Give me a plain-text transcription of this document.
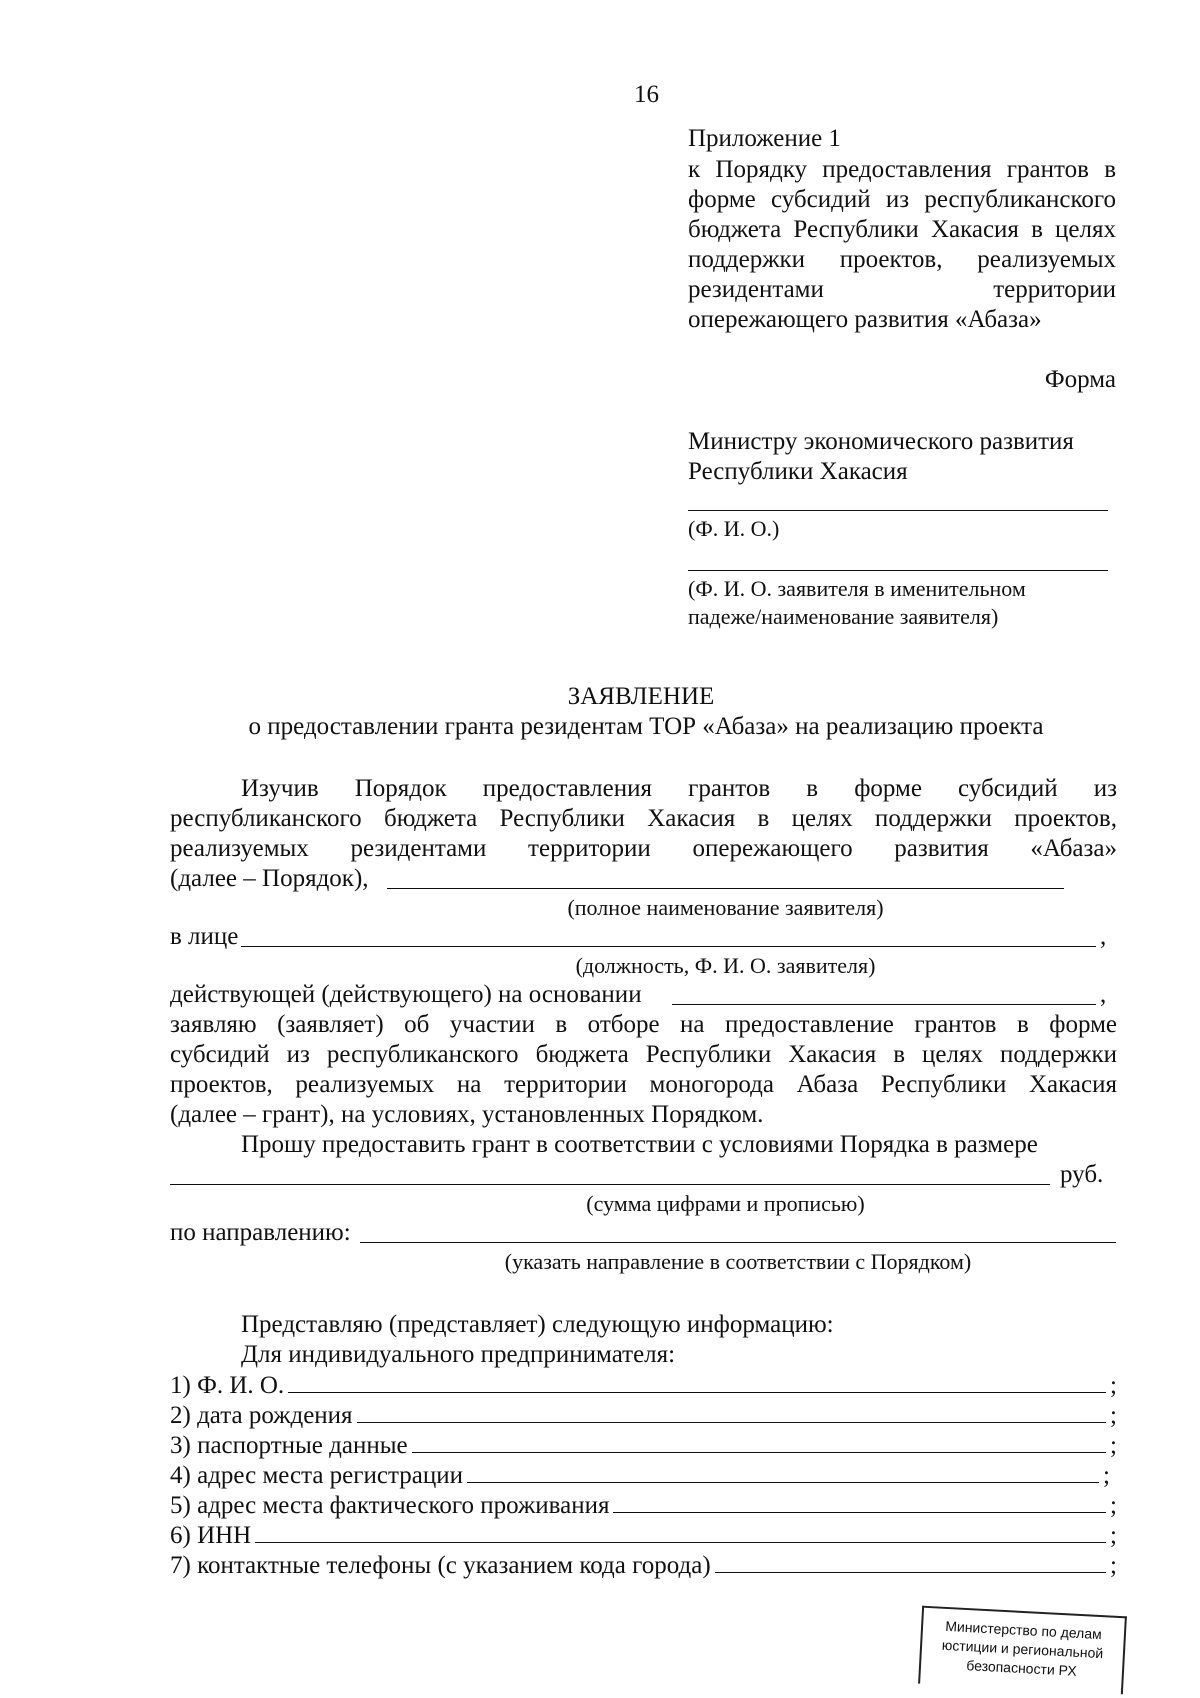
16
Приложение 1
к Порядку предоставления грантов в
форме субсидий из республиканского
бюджета Республики Хакасия в целях
поддержки проектов, реализуемых
резидентами территории
опережающего развития «Абаза»
Форма
Министру экономического развития
Республики Хакасия
(Ф. И. О.)
(Ф. И. О. заявителя в именительном
падеже/наименование заявителя)
ЗАЯВЛЕНИЕ
о предоставлении гранта резидентам ТОР «Абаза» на реализацию проекта
Изучив Порядок предоставления грантов в форме субсидий из
республиканского бюджета Республики Хакасия в целях поддержки проектов,
реализуемых резидентами территории опережающего развития «Абаза»
(далее – Порядок),
(полное наименование заявителя)
в лице	,
(должность, Ф. И. О. заявителя)
действующей (действующего) на основании	,
заявляю (заявляет) об участии в отборе на предоставление грантов в форме
субсидий из республиканского бюджета Республики Хакасия в целях поддержки
проектов, реализуемых на территории моногорода Абаза Республики Хакасия
(далее – грант), на условиях, установленных Порядком.
Прошу предоставить грант в соответствии с условиями Порядка в размере
руб.
(сумма цифрами и прописью)
по направлению:
(указать направление в соответствии с Порядком)
Представляю (представляет) следующую информацию:
Для индивидуального предпринимателя:
1) Ф. И. О.	;
2) дата рождения	;
3) паспортные данные	;
4) адрес места регистрации	;
5) адрес места фактического проживания	;
6) ИНН	;
7) контактные телефоны (с указанием кода города)	;
Министерство по делам
юстиции и региональной
безопасности РХ
